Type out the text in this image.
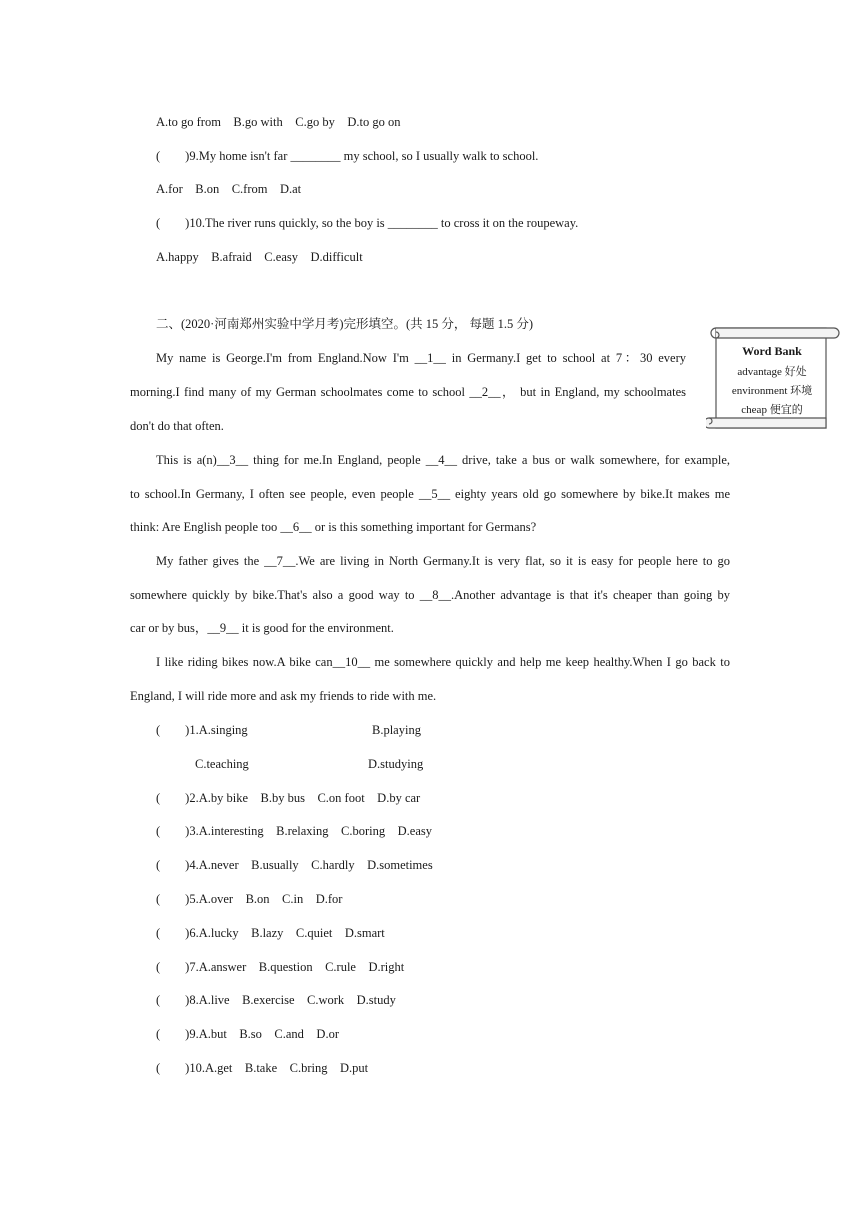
A.to go from　B.go with　C.go by　D.to go on
(　　)9.My home isn't far ________ my school, so I usually walk to school.
A.for　B.on　C.from　D.at
(　　)10.The river runs quickly, so the boy is ________ to cross it on the roupeway.
A.happy　B.afraid　C.easy　D.difficult
二、(2020·河南郑州实验中学月考)完形填空。(共 15 分， 每题 1.5 分)
Word Bank
advantage 好处
environment 环境
cheap 便宜的
My name is George.I'm from England.Now I'm __1__ in Germany.I get to school at 7：30 every
morning.I find many of my German schoolmates come to school __2__， but in England, my schoolmates
don't do that often.
This is a(n)__3__ thing for me.In England, people __4__ drive, take a bus or walk somewhere, for example,
to school.In Germany, I often see people, even people __5__ eighty years old go somewhere by bike.It makes me
think: Are English people too __6__ or is this something important for Germans?
My father gives the __7__.We are living in North Germany.It is very flat, so it is easy for people here to go
somewhere quickly by bike.That's also a good way to __8__.Another advantage is that it's cheaper than going by
car or by bus，__9__ it is good for the environment.
I like riding bikes now.A bike can__10__ me somewhere quickly and help me keep healthy.When I go back to
England, I will ride more and ask my friends to ride with me.
(　　)1.A.singing	B.playing
C.teaching	D.studying
(　　)2.A.by bike　B.by bus　C.on foot　D.by car
(　　)3.A.interesting　B.relaxing　C.boring　D.easy
(　　)4.A.never　B.usually　C.hardly　D.sometimes
(　　)5.A.over　B.on　C.in　D.for
(　　)6.A.lucky　B.lazy　C.quiet　D.smart
(　　)7.A.answer　B.question　C.rule　D.right
(　　)8.A.live　B.exercise　C.work　D.study
(　　)9.A.but　B.so　C.and　D.or
(　　)10.A.get　B.take　C.bring　D.put
